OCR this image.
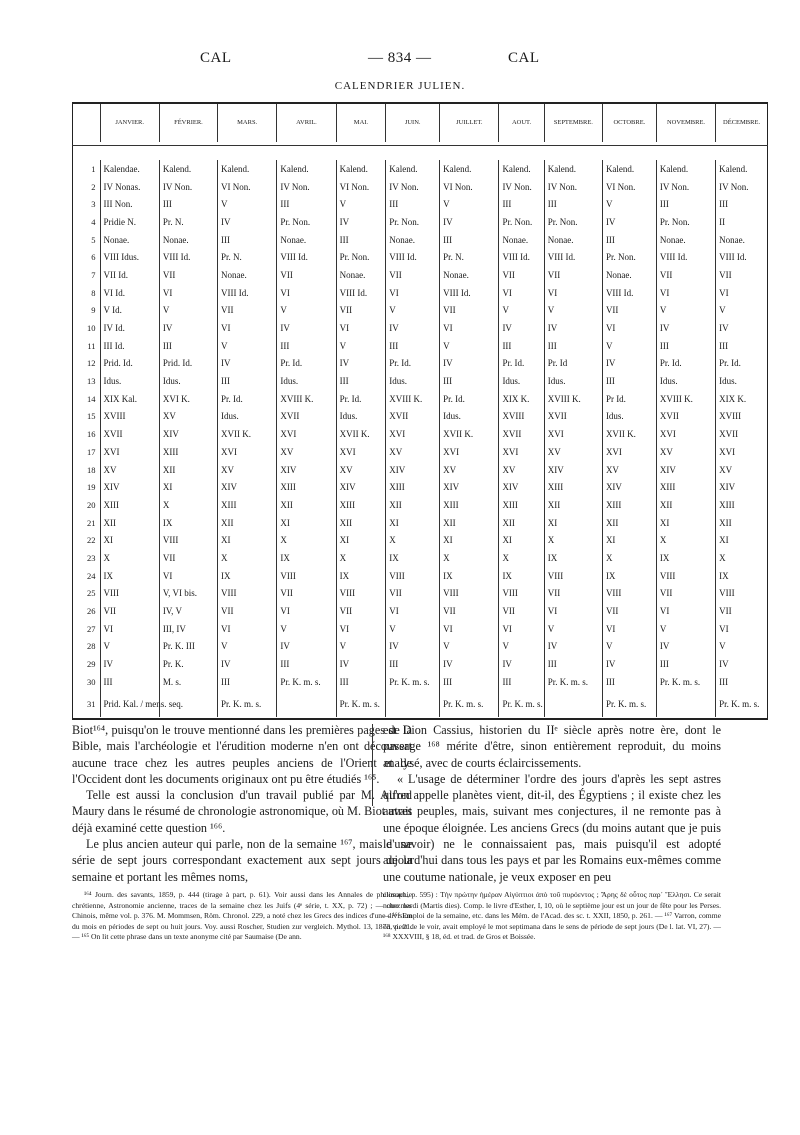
CAL	— 834 —	CAL
CALENDRIER JULIEN.
	JANVIER.	FÉVRIER.	MARS.	AVRIL.	MAI.	JUIN.	JUILLET.	AOUT.	SEPTEMBRE.	OCTOBRE.	NOVEMBRE.	DÉCEMBRE.

1	Kalendae.	Kalend.	Kalend.	Kalend.	Kalend.	Kalend.	Kalend.	Kalend.	Kalend.	Kalend.	Kalend.	Kalend.
2	IV Nonas.	IV Non.	VI Non.	IV Non.	VI Non.	IV Non.	VI Non.	IV Non.	IV Non.	VI Non.	IV Non.	IV Non.
3	III Non.	III	V	III	V	III	V	III	III	V	III	III
4	Pridie N.	Pr. N.	IV	Pr. Non.	IV	Pr. Non.	IV	Pr. Non.	Pr. Non.	IV	Pr. Non.	II
5	Nonae.	Nonae.	III	Nonae.	III	Nonae.	III	Nonae.	Nonae.	III	Nonae.	Nonae.
6	VIII Idus.	VIII Id.	Pr. N.	VIII Id.	Pr. Non.	VIII Id.	Pr. N.	VIII Id.	VIII Id.	Pr. Non.	VIII Id.	VIII Id.
7	VII Id.	VII	Nonae.	VII	Nonae.	VII	Nonae.	VII	VII	Nonae.	VII	VII
8	VI Id.	VI	VIII Id.	VI	VIII Id.	VI	VIII Id.	VI	VI	VIII Id.	VI	VI
9	V Id.	V	VII	V	VII	V	VII	V	V	VII	V	V
10	IV Id.	IV	VI	IV	VI	IV	VI	IV	IV	VI	IV	IV
11	III Id.	III	V	III	V	III	V	III	III	V	III	III
12	Prid. Id.	Prid. Id.	IV	Pr. Id.	IV	Pr. Id.	IV	Pr. Id.	Pr. Id	IV	Pr. Id.	Pr. Id.
13	Idus.	Idus.	III	Idus.	III	Idus.	III	Idus.	Idus.	III	Idus.	Idus.
14	XIX Kal.	XVI K.	Pr. Id.	XVIII K.	Pr. Id.	XVIII K.	Pr. Id.	XIX K.	XVIII K.	Pr Id.	XVIII K.	XIX K.
15	XVIII	XV	Idus.	XVII	Idus.	XVII	Idus.	XVIII	XVII	Idus.	XVII	XVIII
16	XVII	XIV	XVII K.	XVI	XVII K.	XVI	XVII K.	XVII	XVI	XVII K.	XVI	XVII
17	XVI	XIII	XVI	XV	XVI	XV	XVI	XVI	XV	XVI	XV	XVI
18	XV	XII	XV	XIV	XV	XIV	XV	XV	XIV	XV	XIV	XV
19	XIV	XI	XIV	XIII	XIV	XIII	XIV	XIV	XIII	XIV	XIII	XIV
20	XIII	X	XIII	XII	XIII	XII	XIII	XIII	XII	XIII	XII	XIII
21	XII	IX	XII	XI	XII	XI	XII	XII	XI	XII	XI	XII
22	XI	VIII	XI	X	XI	X	XI	XI	X	XI	X	XI
23	X	VII	X	IX	X	IX	X	X	IX	X	IX	X
24	IX	VI	IX	VIII	IX	VIII	IX	IX	VIII	IX	VIII	IX
25	VIII	V, VI bis.	VIII	VII	VIII	VII	VIII	VIII	VII	VIII	VII	VIII
26	VII	IV, V	VII	VI	VII	VI	VII	VII	VI	VII	VI	VII
27	VI	III, IV	VI	V	VI	V	VI	VI	V	VI	V	VI
28	V	Pr. K. III	V	IV	V	IV	V	V	IV	V	IV	V
29	IV	Pr. K.	IV	III	IV	III	IV	IV	III	IV	III	IV
30	III	M. s.	III	Pr. K. m. s.	III	Pr. K. m. s.	III	III	Pr. K. m. s.	III	Pr. K. m. s.	III
31	Prid. Kal. / mens. seq.		Pr. K. m. s.		Pr. K. m. s.		Pr. K. m. s.	Pr. K. m. s.		Pr. K. m. s.		Pr. K. m. s.

Biot¹⁶⁴, puisqu'on le trouve mentionné dans les premières pages de la Bible, mais l'archéologie et l'érudition moderne n'en ont découvert aucune trace chez les autres peuples anciens de l'Orient et de l'Occident dont les documents originaux ont pu être étudiés ¹⁶⁵.

Telle est aussi la conclusion d'un travail publié par M. Alfred Maury dans le résumé de chronologie astronomique, où M. Biot avait déjà examiné cette question ¹⁶⁶.

Le plus ancien auteur qui parle, non de la semaine ¹⁶⁷, mais d'une série de sept jours correspondant exactement aux sept jours de la semaine et portant les mêmes noms,

est Dion Cassius, historien du IIᵉ siècle après notre ère, dont le passage ¹⁶⁸ mérite d'être, sinon entièrement reproduit, du moins analysé, avec de courts éclaircissements.

« L'usage de déterminer l'ordre des jours d'après les sept astres qu'on appelle planètes vient, dit-il, des Égyptiens ; il existe chez les autres peuples, mais, suivant mes conjectures, il ne remonte pas à une époque éloignée. Les anciens Grecs (du moins autant que je puis le savoir) ne le connaissaient pas, mais puisqu'il est adopté aujourd'hui dans tous les pays et par les Romains eux-mêmes comme une coutume nationale, je veux exposer en peu

¹⁶⁴ Journ. des savants, 1859, p. 444 (tirage à part, p. 61). Voir aussi dans les Annales de philosophie chrétienne, Astronomie ancienne, traces de la semaine chez les Juifs (4ᵉ série, t. XX, p. 72) ; — chez les Chinois, même vol. p. 376. M. Mommsen, Röm. Chronol. 229, a noté chez les Grecs des indices d'une division du mois en périodes de sept ou huit jours. Voy. aussi Roscher, Studien zur vergleich. Mythol. 13, 1873, p. 21. — ¹⁶⁵ On lit cette phrase dans un texte anonyme cité par Saumaise (De ann.

climact., p. 595) : Τὴν πρώτην ἡμέραν Αἰγύπτιοι ἀπὸ τοῦ πυρόεντος ; Ἄρης δὲ οὗτος παρ᾽ Ἕλλησι. Ce serait notre mardi (Martis dies). Comp. le livre d'Esther, I, 10, où le septième jour est un jour de fête pour les Perses. — ¹⁶⁶ Emploi de la semaine, etc. dans les Mém. de l'Acad. des sc. t. XXII, 1850, p. 261. — ¹⁶⁷ Varron, comme on vient de le voir, avait employé le mot septimana dans le sens de période de sept jours (De l. lat. VI, 27). — ¹⁶⁸ XXXVIII, § 18, éd. et trad. de Gros et Boissée.
